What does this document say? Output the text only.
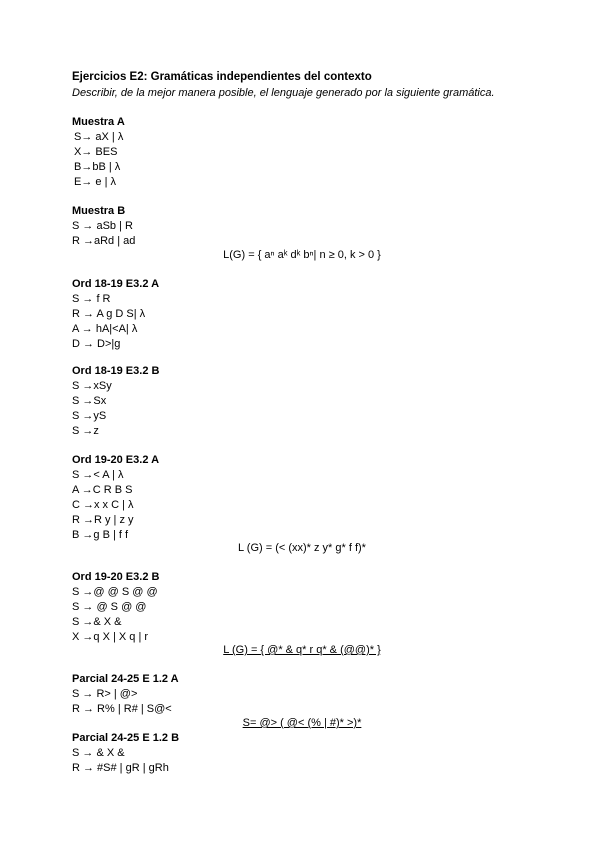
Ejercicios E2: Gramáticas independientes del contexto
Describir, de la mejor manera posible, el lenguaje generado por la siguiente gramática.
Muestra A
S→ aX | λ
X→ BES
B→bB | λ
E→ e | λ
Muestra B
S → aSb | R
R →aRd | ad
L(G) = { aⁿ aᵏ dᵏ bⁿ| n ≥ 0, k > 0 }
Ord 18-19 E3.2 A
S → f R
R → A g D S| λ
A → hA|<A| λ
D → D>|g
Ord 18-19 E3.2 B
S →xSy
S →Sx
S →yS
S →z
Ord 19-20 E3.2 A
S →< A | λ
A →C R B S
C →x x C | λ
R →R y | z y
B →g B | f f
L (G) = (< (xx)* z y* g* f f)*
Ord 19-20 E3.2 B
S →@ @ S @ @
S → @ S @ @
S →& X &
X →q X | X q | r
L (G) = { @* & q* r q* & (@@)* }
Parcial 24-25 E 1.2 A
S → R> | @>
R → R% | R# | S@<
S= @> ( @< (% | #)* >)*
Parcial 24-25 E 1.2 B
S → & X &
R → #S# | gR | gRh
